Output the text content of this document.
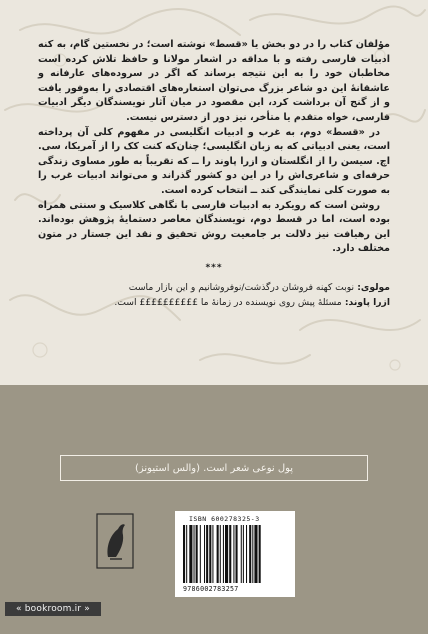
مؤلفان کتاب را در دو بخش یا «قسط» نوشته است؛ در نخستین گام، به کنه ادبیات فارسی رفته و با مداقه در اشعار مولانا و حافظ تلاش کرده است مخاطبان خود را به این نتیجه برساند که اگر در سروده‌های عارفانه و عاشقانهٔ این دو شاعر بزرگ می‌توان استعاره‌های اقتصادی را به‌وفور یافت و از گنج آن برداشت کرد، این مقصود در میان آثار نویسندگان دیگر ادبیات فارسی، خواه متقدم یا متأخر، نیز دور از دسترس نیست.

در «قسط» دوم، به غرب و ادبیات انگلیسی در مفهوم کلی آن پرداخته است، یعنی ادبیاتی که به زبان انگلیسی؛ چنان‌که کنت کک را از آمریکا، سی. اچ. سیسن را از انگلستان و ازرا پاوند را ــ که تقریباً به طور مساوی زندگی حرفه‌ای و شاعری‌اش را در این دو کشور گذراند و می‌تواند ادبیات غرب را به صورت کلی نمایندگی کند ــ انتخاب کرده است.

روشن است که رویکرد به ادبیات فارسی با نگاهی کلاسیک و سنتی همراه بوده است، اما در قسط دوم، نویسندگان معاصر دستمایهٔ پژوهش بوده‌اند. این رهیافت نیز دلالت بر جامعیت روش تحقیق و نقد این جستار در متون مختلف دارد.

***

مولوی: نوبت کهنه فروشان درگذشت/نوفروشانیم و این بازار ماست

ازرا پاوند: مسئلهٔ پیش روی نویسنده در زمانهٔ ما ££££££££££ است.

پول نوعی شعر است. (والس استیونز)
ISBN 600278325-3
9786002783257
« bookroom.ir »
